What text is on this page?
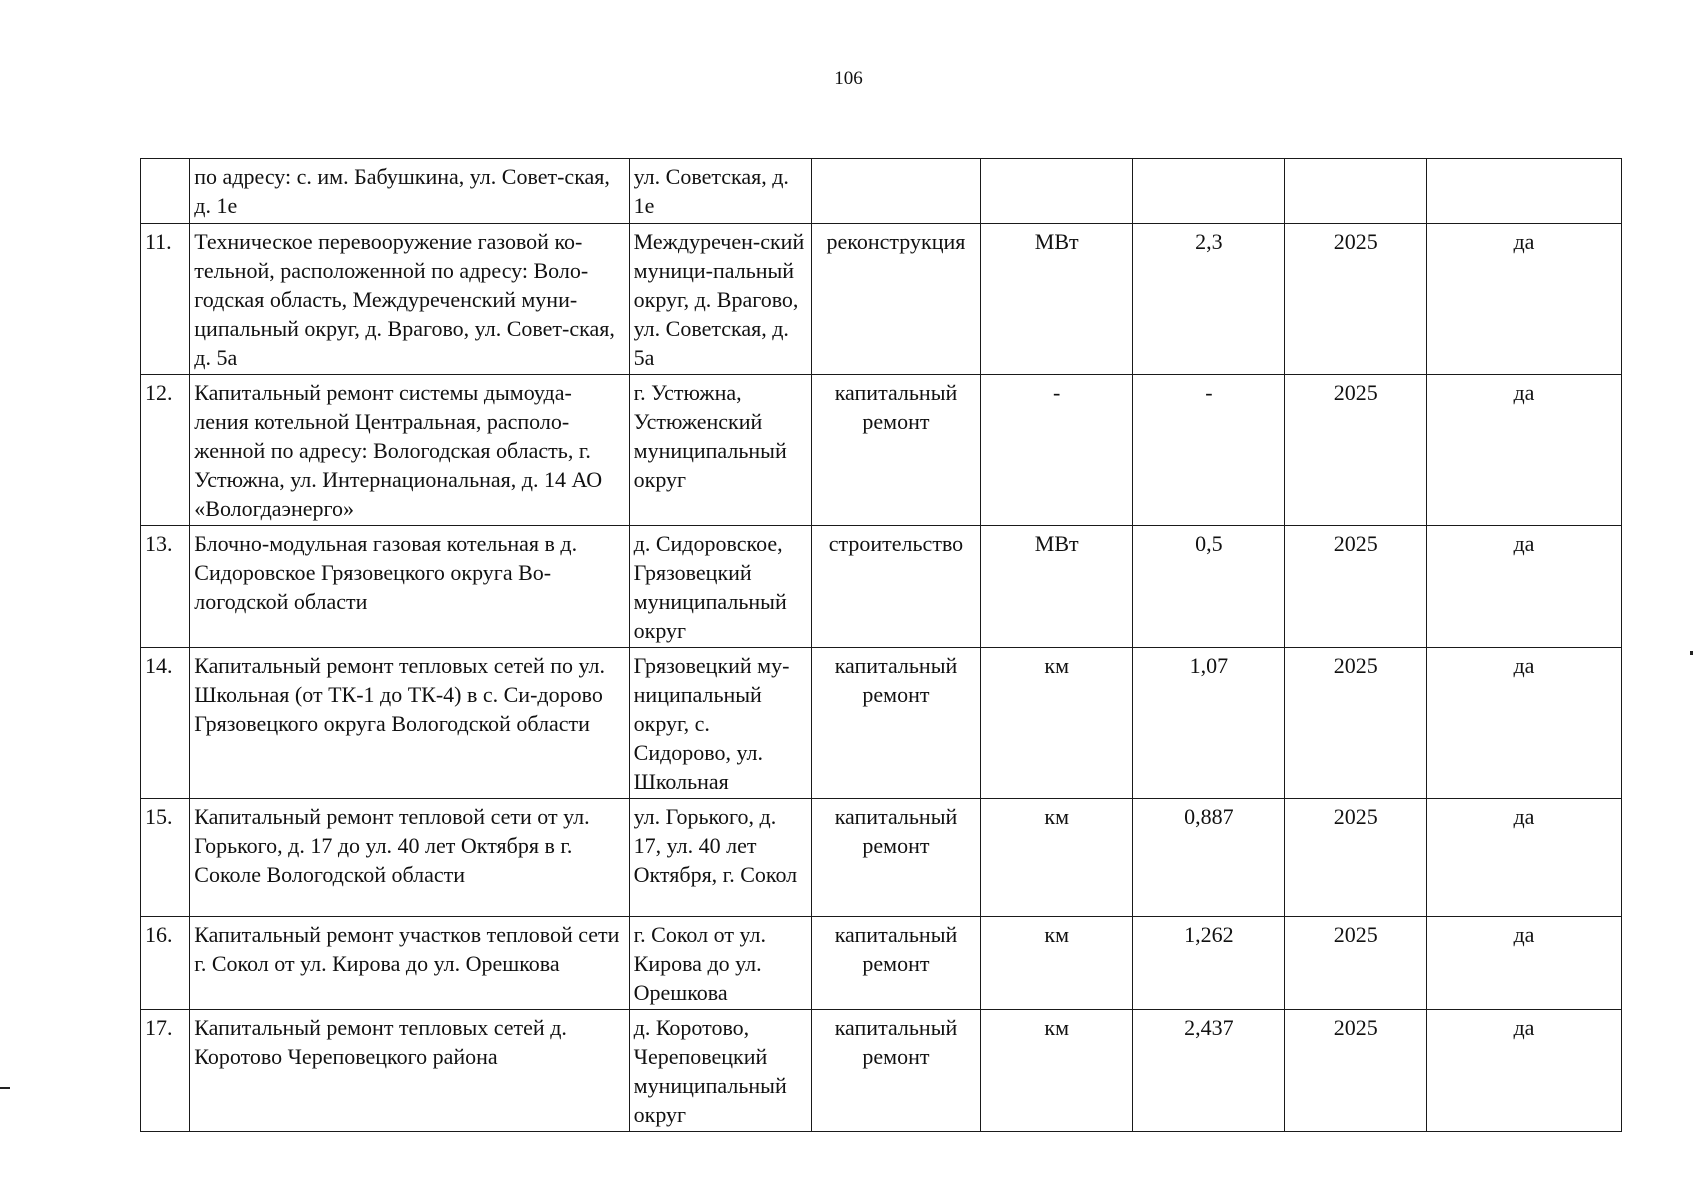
106
	по адресу: с. им. Бабушкина, ул. Совет-ская, д. 1е	ул. Советская, д. 1е					
11.	Техническое перевооружение газовой ко-тельной, расположенной по адресу: Воло-годская область, Междуреченский муни-ципальный округ, д. Врагово, ул. Совет-ская, д. 5а	Междуречен-ский муници-пальный округ, д. Врагово, ул. Советская, д. 5а	реконструкция	МВт	2,3	2025	да
12.	Капитальный ремонт системы дымоуда-ления котельной Центральная, располо-женной по адресу: Вологодская область, г. Устюжна, ул. Интернациональная, д. 14 АО «Вологдаэнерго»	г. Устюжна, Устюженский муниципальный округ	капитальный ремонт	-	-	2025	да
13.	Блочно-модульная газовая котельная в д. Сидоровское Грязовецкого округа Во-логодской области	д. Сидоровское, Грязовецкий муниципальный округ	строительство	МВт	0,5	2025	да
14.	Капитальный ремонт тепловых сетей по ул. Школьная (от ТК-1 до ТК-4) в с. Си-дорово Грязовецкого округа Вологодской области	Грязовецкий му-ниципальный округ, с. Сидорово, ул. Школьная	капитальный ремонт	км	1,07	2025	да
15.	Капитальный ремонт тепловой сети от ул. Горького, д. 17 до ул. 40 лет Октября в г. Соколе Вологодской области	ул. Горького, д. 17, ул. 40 лет Октября, г. Сокол	капитальный ремонт	км	0,887	2025	да
16.	Капитальный ремонт участков тепловой сети г. Сокол от ул. Кирова до ул. Орешкова	г. Сокол от ул. Кирова до ул. Орешкова	капитальный ремонт	км	1,262	2025	да
17.	Капитальный ремонт тепловых сетей д. Коротово Череповецкого района	д. Коротово, Череповецкий муниципальный округ	капитальный ремонт	км	2,437	2025	да
